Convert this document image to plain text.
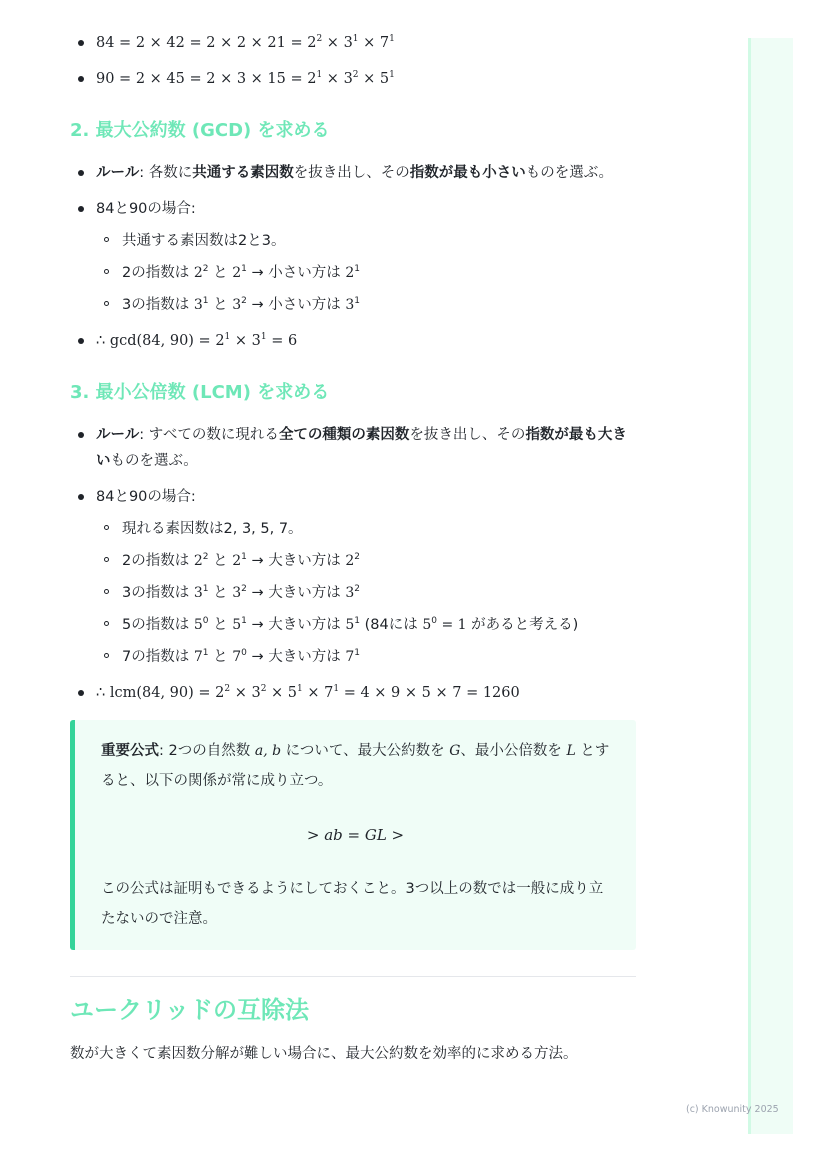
$84 = 2 \times 42 = 2 \times 2 \times 21 = 2^2 \times 3^1 \times 7^1$
$90 = 2 \times 45 = 2 \times 3 \times 15 = 2^1 \times 3^2 \times 5^1$
2. 最大公約数 (GCD) を求める
ルール: 各数に共通する素因数を抜き出し、その指数が最も小さいものを選ぶ。
84と90の場合:
共通する素因数は2と3。
2の指数は $2^2$ と $2^1$ → 小さい方は $2^1$
3の指数は $3^1$ と $3^2$ → 小さい方は $3^1$
∴ gcd(84, $90) = 2^1 \times 3^1 = 6$
3. 最小公倍数 (LCM) を求める
ルール: すべての数に現れる全ての種類の素因数を抜き出し、その指数が最も大きいものを選ぶ。
84と90の場合:
現れる素因数は2, 3, 5, 7。
2の指数は $2^2$ と $2^1$ → 大きい方は $2^2$
3の指数は $3^1$ と $3^2$ → 大きい方は $3^2$
5の指数は $5^0$ と $5^1$ → 大きい方は $5^1$ (84には $5^0 = 1$ があると考える)
7の指数は $7^1$ と $7^0$ → 大きい方は $7^1$
∴ lcm(84, $90) = 2^2 \times 3^2 \times 5^1 \times 7^1 = 4 \times 9 \times 5 \times 7 = 1260$
重要公式: 2つの自然数 a, b について、最大公約数を G、最小公倍数を L とすると、以下の関係が常に成り立つ。
> ab = GL >
この公式は証明もできるようにしておくこと。3つ以上の数では一般に成り立たないので注意。
ユークリッドの互除法

数が大きくて素因数分解が難しい場合に、最大公約数を効率的に求める方法。

(c) Knowunity 2025
